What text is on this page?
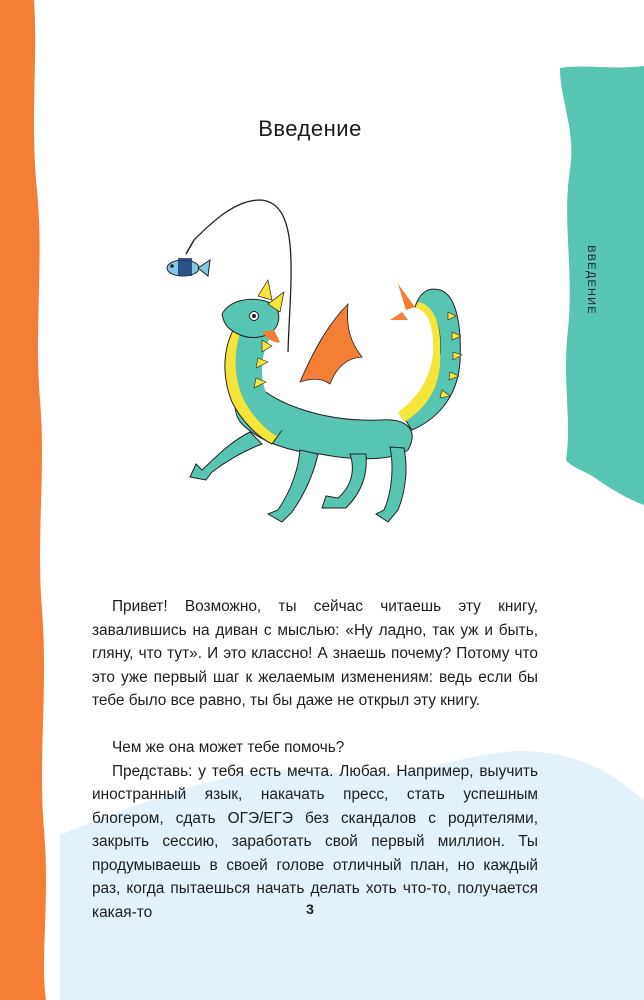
Введение
ВВЕДЕНИЕ

Привет! Возможно, ты сейчас читаешь эту книгу, завалившись на диван с мыслью: «Ну ладно, так уж и быть, гляну, что тут». И это классно! А знаешь почему? Потому что это уже первый шаг к желаемым изменениям: ведь если бы тебе было все равно, ты бы даже не открыл эту книгу.

Чем же она может тебе помочь?

Представь: у тебя есть мечта. Любая. Например, выучить иностранный язык, накачать пресс, стать успешным блогером, сдать ОГЭ/ЕГЭ без скандалов с родителями, закрыть сессию, заработать свой первый миллион. Ты продумываешь в своей голове отличный план, но каждый раз, когда пытаешься начать делать хоть что-то, получается какая-то	3
